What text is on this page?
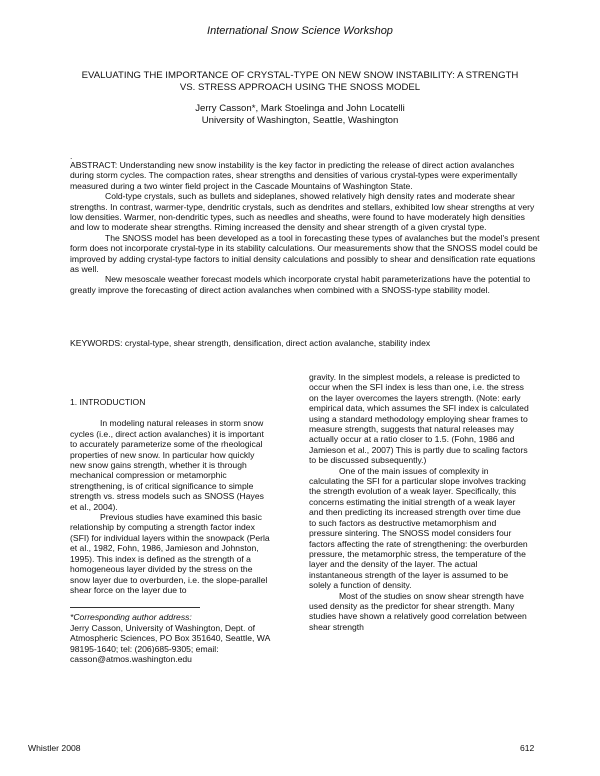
International Snow Science Workshop
EVALUATING THE IMPORTANCE OF CRYSTAL-TYPE ON NEW SNOW INSTABILITY: A STRENGTH
VS. STRESS APPROACH USING THE SNOSS MODEL
Jerry Casson*, Mark Stoelinga and John Locatelli
University of Washington, Seattle, Washington
.

ABSTRACT: Understanding new snow instability is the key factor in predicting the release of direct action avalanches during storm cycles. The compaction rates, shear strengths and densities of various crystal-types were experimentally measured during a two winter field project in the Cascade Mountains of Washington State.

Cold-type crystals, such as bullets and sideplanes, showed relatively high density rates and moderate shear strengths. In contrast, warmer-type, dendritic crystals, such as dendrites and stellars, exhibited low shear strengths at very low densities. Warmer, non-dendritic types, such as needles and sheaths, were found to have moderately high densities and low to moderate shear strengths. Riming increased the density and shear strength of a given crystal type.

The SNOSS model has been developed as a tool in forecasting these types of avalanches but the model's present form does not incorporate crystal-type in its stability calculations. Our measurements show that the SNOSS model could be improved by adding crystal-type factors to initial density calculations and possibly to shear and densification rate equations as well.

New mesoscale weather forecast models which incorporate crystal habit parameterizations have the potential to greatly improve the forecasting of direct action avalanches when combined with a SNOSS-type stability model.

KEYWORDS: crystal-type, shear strength, densification, direct action avalanche, stability index

1. INTRODUCTION

In modeling natural releases in storm snow cycles (i.e., direct action avalanches) it is important to accurately parameterize some of the rheological properties of new snow. In particular how quickly new snow gains strength, whether it is through mechanical compression or metamorphic strengthening, is of critical significance to simple strength vs. stress models such as SNOSS (Hayes et al., 2004).

Previous studies have examined this basic relationship by computing a strength factor index (SFI) for individual layers within the snowpack (Perla et al., 1982, Fohn, 1986, Jamieson and Johnston, 1995). This index is defined as the strength of a homogeneous layer divided by the stress on the snow layer due to overburden, i.e. the slope-parallel shear force on the layer due to

*Corresponding author address:

Jerry Casson, University of Washington, Dept. of Atmospheric Sciences, PO Box 351640, Seattle, WA 98195-1640; tel: (206)685-9305; email: casson@atmos.washington.edu

gravity. In the simplest models, a release is predicted to occur when the SFI index is less than one, i.e. the stress on the layer overcomes the layers strength. (Note: early empirical data, which assumes the SFI index is calculated using a standard methodology employing shear frames to measure strength, suggests that natural releases may actually occur at a ratio closer to 1.5. (Fohn, 1986 and Jamieson et al., 2007) This is partly due to scaling factors to be discussed subsequently.)

One of the main issues of complexity in calculating the SFI for a particular slope involves tracking the strength evolution of a weak layer. Specifically, this concerns estimating the initial strength of a weak layer and then predicting its increased strength over time due to such factors as destructive metamorphism and pressure sintering. The SNOSS model considers four factors affecting the rate of strengthening: the overburden pressure, the metamorphic stress, the temperature of the layer and the density of the layer. The actual instantaneous strength of the layer is assumed to be solely a function of density.

Most of the studies on snow shear strength have used density as the predictor for shear strength. Many studies have shown a relatively good correlation between shear strength

Whistler 2008	612
